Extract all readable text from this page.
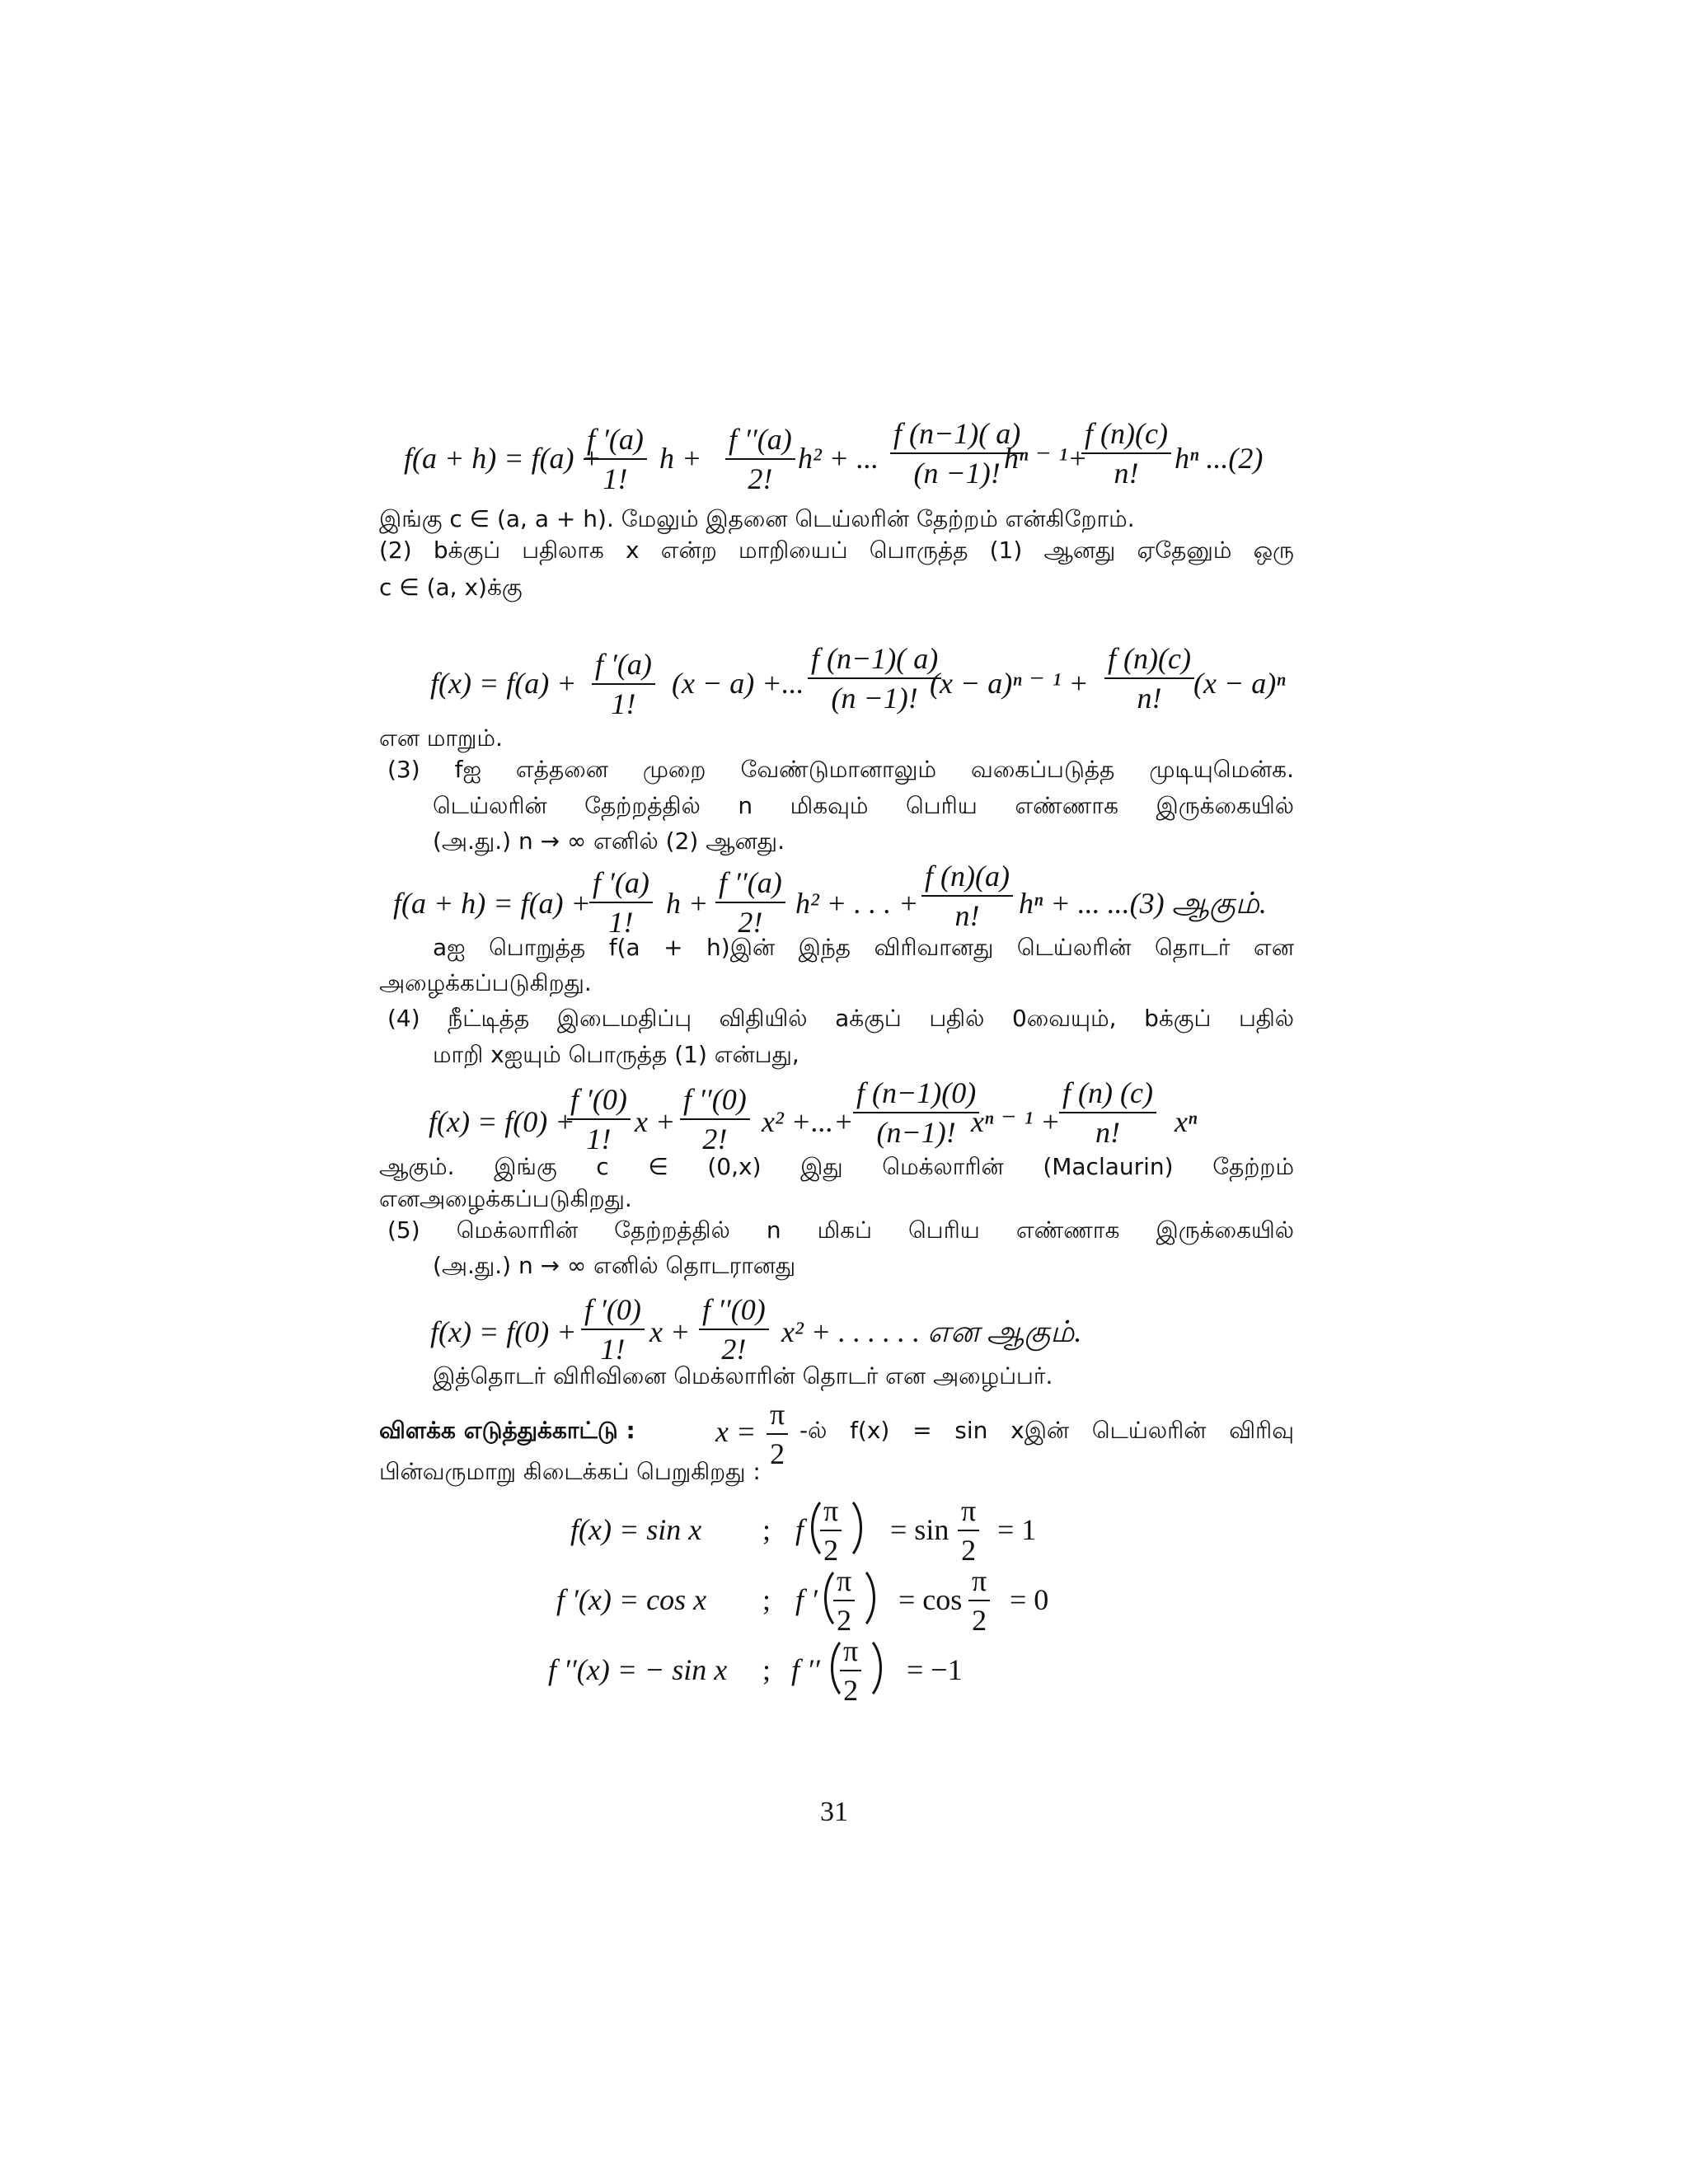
f(a + h) = f(a) +
$\frac{f '(a)}{1!}$ $h + \frac{f ''(a)}{2!} h^2$ + ... $\frac{f (n-1)( a)}{(n -1)!}$
hⁿ ⁻ ¹+
$\frac{f (n)(c)}{n!}$ hⁿ ...(2)
இங்கு c ∈ (a, a + h). மேலும் இதனை டெய்லரின் தேற்றம் என்கிறோம்.
(2) bக்குப் பதிலாக x என்ற மாறியைப் பொருத்த (1) ஆனது ஏதேனும் ஒரு
c ∈ (a, x)க்கு
$f(x) = f(a) + \frac{f '(a)}{1!} (x - a)$ +... $\frac{f (n-1)( a)}{(n -1)!}$
(x − a)ⁿ ⁻ $^1 + \frac{f (n)(c)}{n!} (x - a)^n$
என மாறும்.
(3) fஐ எத்தனை முறை வேண்டுமானாலும் வகைப்படுத்த முடியுமென்க.
டெய்லரின் தேற்றத்தில் n மிகவும் பெரிய எண்ணாக இருக்கையில்
(அ.து.) n → ∞ எனில் (2) ஆனது.
f(a + h) = f(a) +
$\frac{f '(a)}{1!}$ $h + \frac{f ''(a)}{2!} h^2$ + . . . + $\frac{f (n)(a)}{n!}$ hⁿ + ... ...(3) ஆகும்.
aஐ பொறுத்த f(a + h)இன் இந்த விரிவானது டெய்லரின் தொடர் என
அழைக்கப்படுகிறது.
(4) நீட்டித்த இடைமதிப்பு விதியில் aக்குப் பதில் 0வையும், bக்குப் பதில்
மாறி xஐயும் பொருத்த (1) என்பது,
f(x) = f(0) +
$\frac{f '(0)}{1!}$ $x + \frac{f ''(0)}{2!} x^2$ +...+ $\frac{f (n-1)(0)}{(n-1)!}$
xⁿ ⁻ ¹ +
$\frac{f (n) (c)}{n!}$ xⁿ
ஆகும். இங்கு c ∈ (0,x) இது மெக்லாரின் (Maclaurin) தேற்றம்
எனஅழைக்கப்படுகிறது.
(5) மெக்லாரின் தேற்றத்தில் n மிகப் பெரிய எண்ணாக இருக்கையில்
(அ.து.) n → ∞ எனில் தொடரானது
$f(x) = f(0) + \frac{f '(0)}{1!}$ $x + \frac{f ''(0)}{2!} x^2$ + . . . . . . என ஆகும்.
இத்தொடர் விரிவினை மெக்லாரின் தொடர் என அழைப்பர்.
விளக்க எடுத்துக்காட்டு :	$x = \frac{\pi}{2}$ -ல் f(x) = sin xஇன் டெய்லரின் விரிவு
பின்வருமாறு கிடைக்கப் பெறுகிறது :
f(x) = sin x ; f $\frac{\pi}{2} = \sin \frac{\pi}{2} = 1$
f ′(x) = cos x ; f ′ $\frac{\pi}{2} = \cos \frac{\pi}{2} = 0$
f ′′(x) = − sin x ; f ′′ $\frac{\pi}{2} = -1$
31
